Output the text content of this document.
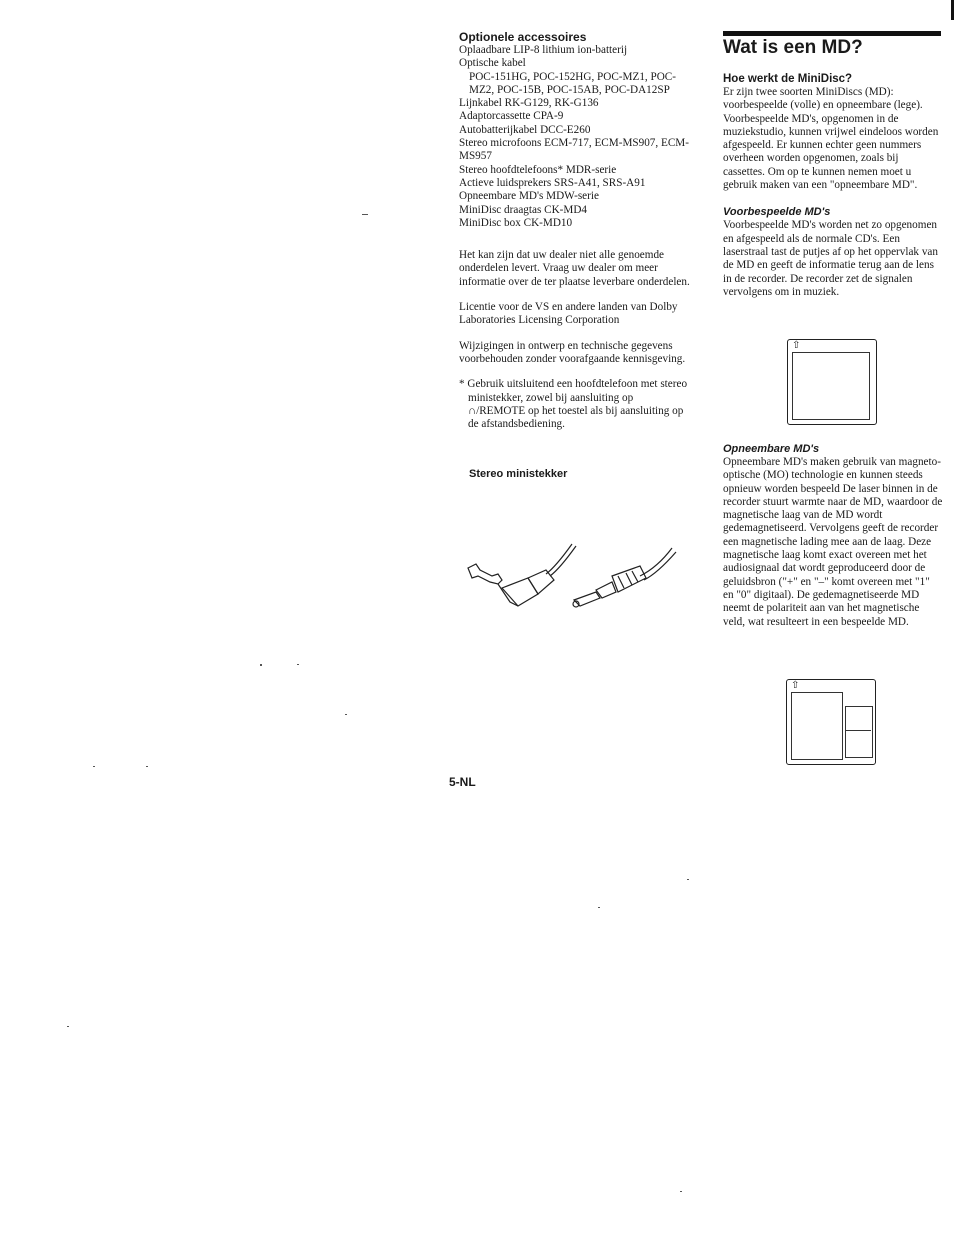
Optionele accessoires

Oplaadbare LIP-8 lithium ion-batterij

Optische kabel

POC-151HG, POC-152HG, POC-MZ1, POC-MZ2, POC-15B, POC-15AB, POC-DA12SP

Lijnkabel RK-G129, RK-G136

Adaptorcassette CPA-9

Autobatterijkabel DCC-E260

Stereo microfoons ECM-717, ECM-MS907, ECM-MS957

Stereo hoofdtelefoons* MDR-serie

Actieve luidsprekers SRS-A41, SRS-A91

Opneembare MD's MDW-serie

MiniDisc draagtas CK-MD4

MiniDisc box CK-MD10

Het kan zijn dat uw dealer niet alle genoemde onderdelen levert. Vraag uw dealer om meer informatie over de ter plaatse leverbare onderdelen.

Licentie voor de VS en andere landen van Dolby Laboratories Licensing Corporation

Wijzigingen in ontwerp en technische gegevens voorbehouden zonder voorafgaande kennisgeving.

* Gebruik uitsluitend een hoofdtelefoon met stereo ministekker, zowel bij aansluiting op ∩/REMOTE op het toestel als bij aansluiting op de afstandsbediening.

Stereo ministekker

5-NL
Wat is een MD?

Hoe werkt de MiniDisc?

Er zijn twee soorten MiniDiscs (MD): voorbespeelde (volle) en opneembare (lege). Voorbespeelde MD's, opgenomen in de muziekstudio, kunnen vrijwel eindeloos worden afgespeeld. Er kunnen echter geen nummers overheen worden opgenomen, zoals bij cassettes. Om op te kunnen nemen moet u gebruik maken van een "opneembare MD".

Voorbespeelde MD's

Voorbespeelde MD's worden net zo opgenomen en afgespeeld als de normale CD's. Een laserstraal tast de putjes af op het oppervlak van de MD en geeft de informatie terug aan de lens in de recorder. De recorder zet de signalen vervolgens om in muziek.

⇧

Opneembare MD's

Opneembare MD's maken gebruik van magneto-optische (MO) technologie en kunnen steeds opnieuw worden bespeeld De laser binnen in de recorder stuurt warmte naar de MD, waardoor de magnetische laag van de MD wordt gedemagnetiseerd. Vervolgens geeft de recorder een magnetische lading mee aan de laag. Deze magnetische laag komt exact overeen met het audiosignaal dat wordt geproduceerd door de geluidsbron ("+" en "–" komt overeen met "1" en "0" digitaal). De gedemagnetiseerde MD neemt de polariteit aan van het magnetische veld, wat resulteert in een bespeelde MD.

⇧
